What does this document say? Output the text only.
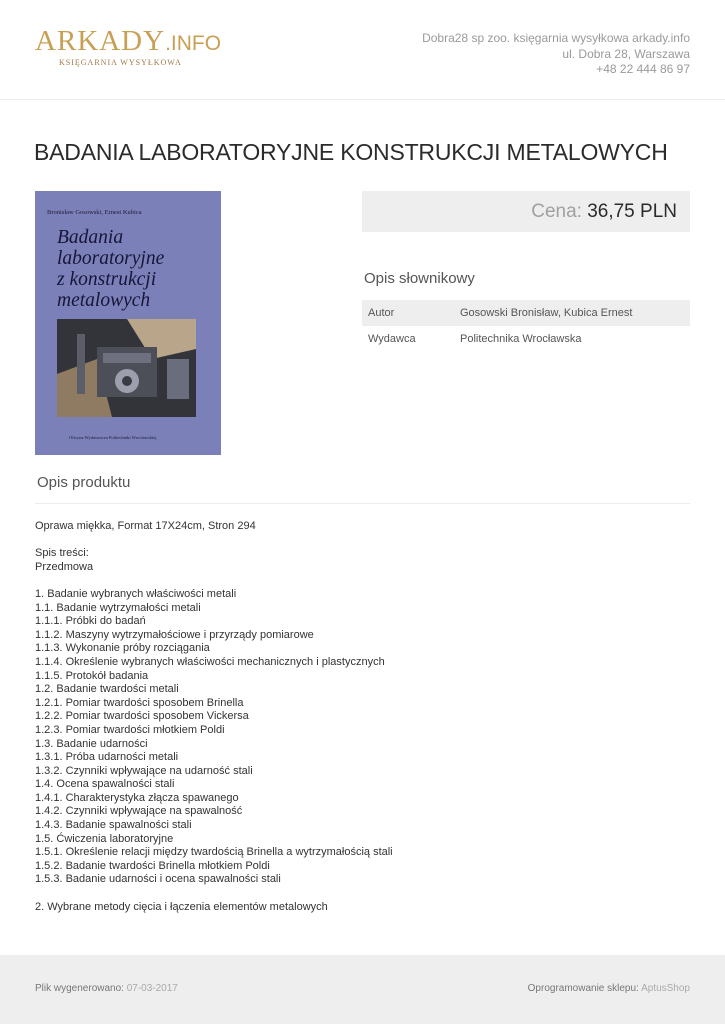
ARKADY.INFO
KSIĘGARNIA WYSYŁKOWA
Dobra28 sp zoo. księgarnia wysyłkowa arkady.info
ul. Dobra 28, Warszawa
+48 22 444 86 97
BADANIA LABORATORYJNE KONSTRUKCJI METALOWYCH
Bronisław Gosowski, Ernest Kubica
Badania
laboratoryjne
z konstrukcji
metalowych
Oficyna Wydawnicza Politechniki Wrocławskiej
Cena: 36,75 PLN
Opis słownikowy
Autor	Gosowski Bronisław, Kubica Ernest
Wydawca	Politechnika Wrocławska
Opis produktu
Oprawa miękka, Format 17X24cm, Stron 294

Spis treści:
Przedmowa

1. Badanie wybranych właściwości metali
1.1. Badanie wytrzymałości metali
1.1.1. Próbki do badań
1.1.2. Maszyny wytrzymałościowe i przyrządy pomiarowe
1.1.3. Wykonanie próby rozciągania
1.1.4. Określenie wybranych właściwości mechanicznych i plastycznych
1.1.5. Protokół badania
1.2. Badanie twardości metali
1.2.1. Pomiar twardości sposobem Brinella
1.2.2. Pomiar twardości sposobem Vickersa
1.2.3. Pomiar twardości młotkiem Poldi
1.3. Badanie udarności
1.3.1. Próba udarności metali
1.3.2. Czynniki wpływające na udarność stali
1.4. Ocena spawalności stali
1.4.1. Charakterystyka złącza spawanego
1.4.2. Czynniki wpływające na spawalność
1.4.3. Badanie spawalności stali
1.5. Ćwiczenia laboratoryjne
1.5.1. Określenie relacji między twardością Brinella a wytrzymałością stali
1.5.2. Badanie twardości Brinella młotkiem Poldi
1.5.3. Badanie udarności i ocena spawalności stali

2. Wybrane metody cięcia i łączenia elementów metalowych
Plik wygenerowano: 07-03-2017	Oprogramowanie sklepu: AptusShop
